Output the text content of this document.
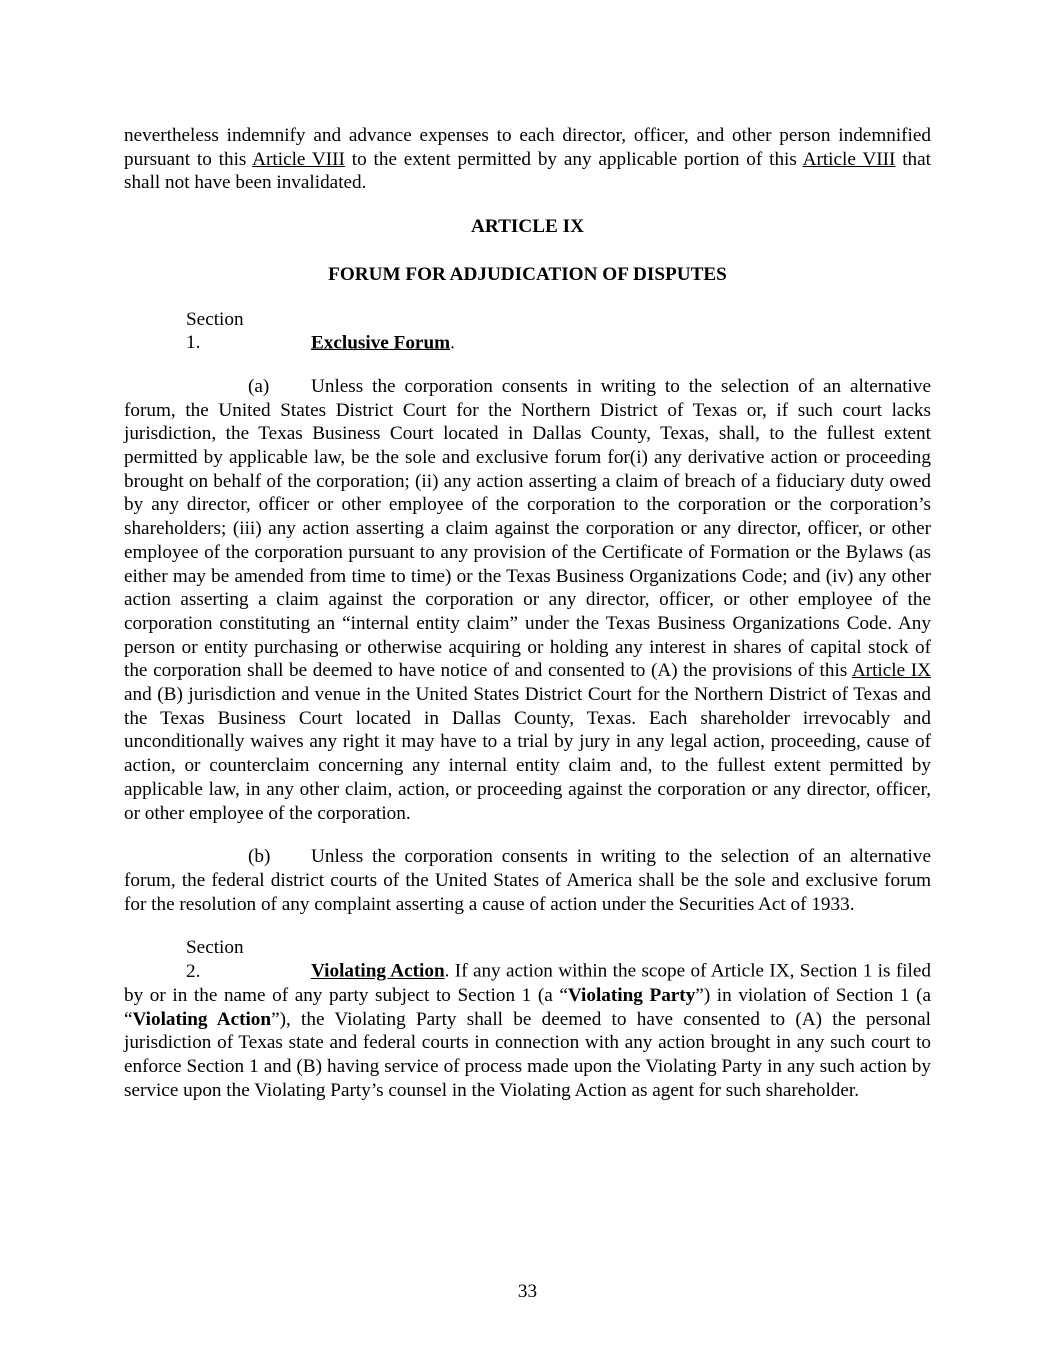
nevertheless indemnify and advance expenses to each director, officer, and other person indemnified pursuant to this Article VIII to the extent permitted by any applicable portion of this Article VIII that shall not have been invalidated.

ARTICLE IX

FORUM FOR ADJUDICATION OF DISPUTES

Section 1.	Exclusive Forum.

(a) Unless the corporation consents in writing to the selection of an alternative forum, the United States District Court for the Northern District of Texas or, if such court lacks jurisdiction, the Texas Business Court located in Dallas County, Texas, shall, to the fullest extent permitted by applicable law, be the sole and exclusive forum for(i) any derivative action or proceeding brought on behalf of the corporation; (ii) any action asserting a claim of breach of a fiduciary duty owed by any director, officer or other employee of the corporation to the corporation or the corporation’s shareholders; (iii) any action asserting a claim against the corporation or any director, officer, or other employee of the corporation pursuant to any provision of the Certificate of Formation or the Bylaws (as either may be amended from time to time) or the Texas Business Organizations Code; and (iv) any other action asserting a claim against the corporation or any director, officer, or other employee of the corporation constituting an “internal entity claim” under the Texas Business Organizations Code. Any person or entity purchasing or otherwise acquiring or holding any interest in shares of capital stock of the corporation shall be deemed to have notice of and consented to (A) the provisions of this Article IX and (B) jurisdiction and venue in the United States District Court for the Northern District of Texas and the Texas Business Court located in Dallas County, Texas. Each shareholder irrevocably and unconditionally waives any right it may have to a trial by jury in any legal action, proceeding, cause of action, or counterclaim concerning any internal entity claim and, to the fullest extent permitted by applicable law, in any other claim, action, or proceeding against the corporation or any director, officer, or other employee of the corporation.

(b) Unless the corporation consents in writing to the selection of an alternative forum, the federal district courts of the United States of America shall be the sole and exclusive forum for the resolution of any complaint asserting a cause of action under the Securities Act of 1933.

Section 2.	Violating Action. If any action within the scope of Article IX, Section 1 is filed by or in the name of any party subject to Section 1 (a “Violating Party”) in violation of Section 1 (a “Violating Action”), the Violating Party shall be deemed to have consented to (A) the personal jurisdiction of Texas state and federal courts in connection with any action brought in any such court to enforce Section 1 and (B) having service of process made upon the Violating Party in any such action by service upon the Violating Party’s counsel in the Violating Action as agent for such shareholder.

33
